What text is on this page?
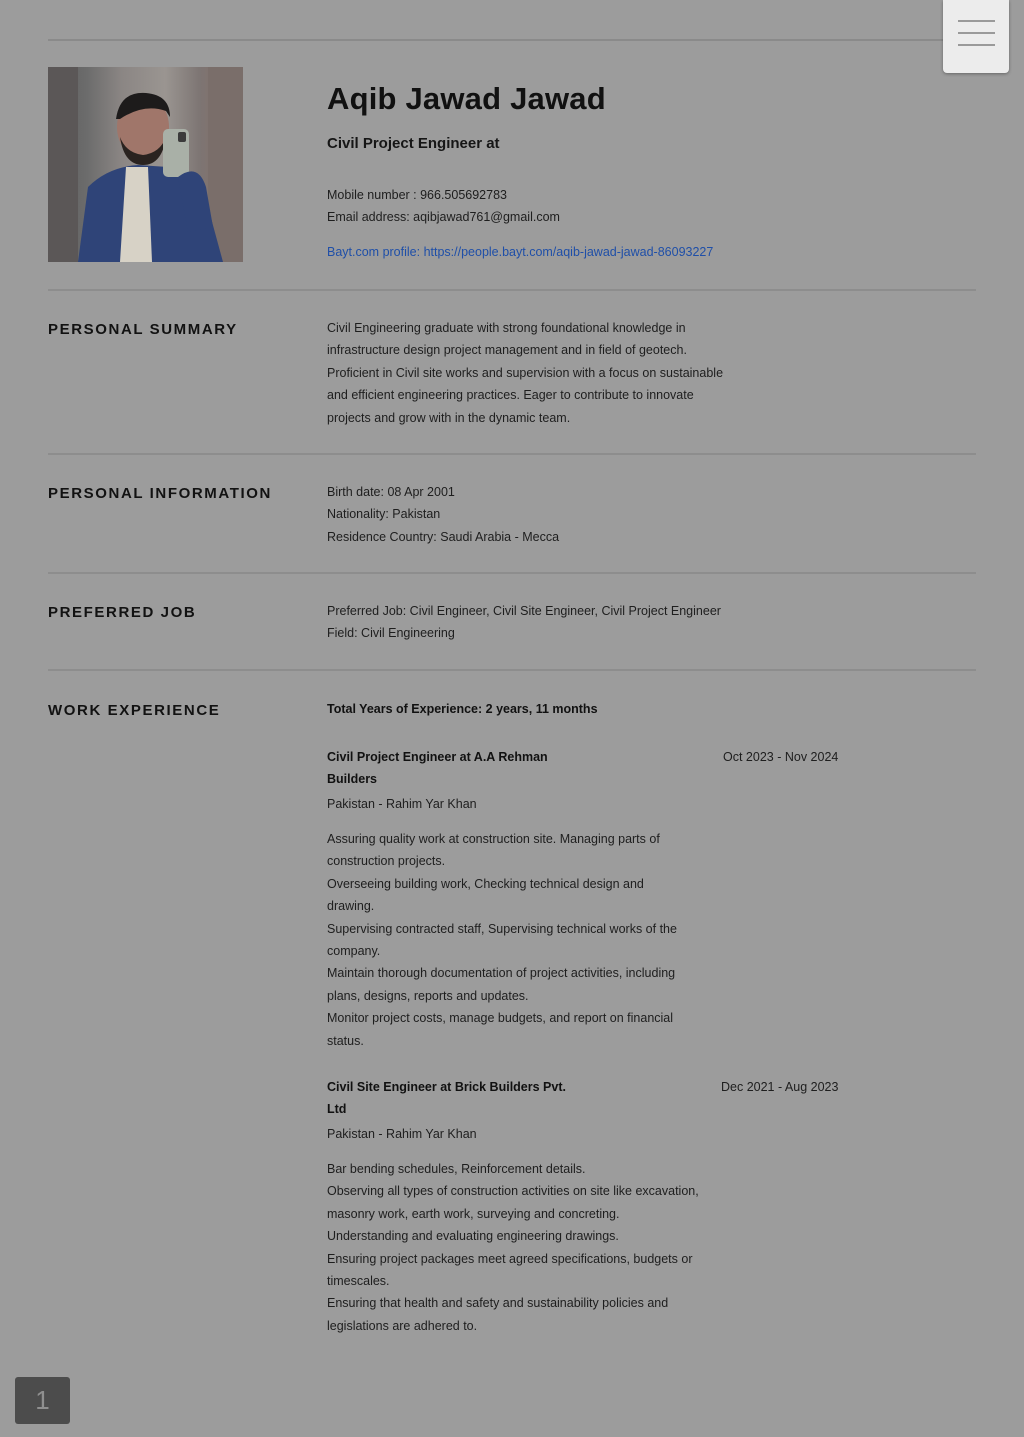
Aqib Jawad Jawad
Civil Project Engineer at
Mobile number : 966.505692783
Email address: aqibjawad761@gmail.com
Bayt.com profile: https://people.bayt.com/aqib-jawad-jawad-86093227
PERSONAL SUMMARY	Civil Engineering graduate with strong foundational knowledge in
infrastructure design project management and in field of geotech.
Proficient in Civil site works and supervision with a focus on sustainable
and efficient engineering practices. Eager to contribute to innovate
projects and grow with in the dynamic team.
PERSONAL INFORMATION	Birth date: 08 Apr 2001
Nationality: Pakistan
Residence Country: Saudi Arabia - Mecca
PREFERRED JOB	Preferred Job: Civil Engineer, Civil Site Engineer, Civil Project Engineer
Field: Civil Engineering
WORK EXPERIENCE	Total Years of Experience: 2 years, 11 months
Civil Project Engineer at A.A Rehman
Builders
Oct 2023 - Nov 2024
Pakistan - Rahim Yar Khan
Assuring quality work at construction site. Managing parts of
construction projects.
Overseeing building work, Checking technical design and
drawing.
Supervising contracted staff, Supervising technical works of the
company.
Maintain thorough documentation of project activities, including
plans, designs, reports and updates.
Monitor project costs, manage budgets, and report on financial
status.
Civil Site Engineer at Brick Builders Pvt.
Ltd
Dec 2021 - Aug 2023
Pakistan - Rahim Yar Khan
Bar bending schedules, Reinforcement details.
Observing all types of construction activities on site like excavation,
masonry work, earth work, surveying and concreting.
Understanding and evaluating engineering drawings.
Ensuring project packages meet agreed specifications, budgets or
timescales.
Ensuring that health and safety and sustainability policies and
legislations are adhered to.
1
